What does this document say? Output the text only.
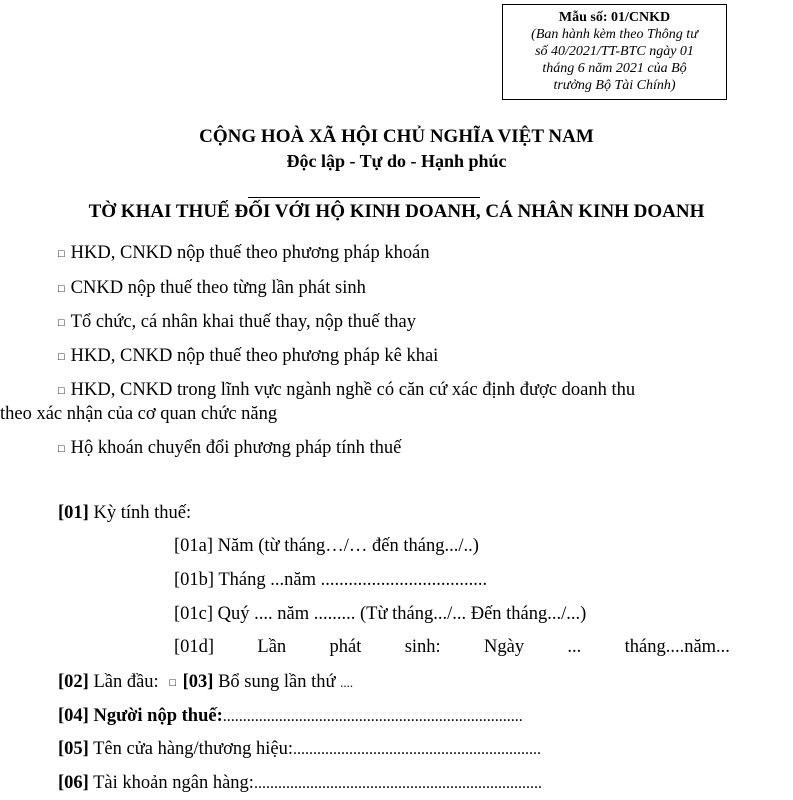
Mẫu số: 01/CNKD
(Ban hành kèm theo Thông tư
số 40/2021/TT-BTC ngày 01
tháng 6 năm 2021 của Bộ
trưởng Bộ Tài Chính)
CỘNG HOÀ XÃ HỘI CHỦ NGHĨA VIỆT NAM
Độc lập - Tự do - Hạnh phúc
TỜ KHAI THUẾ ĐỐI VỚI HỘ KINH DOANH, CÁ NHÂN KINH DOANH
□ HKD, CNKD nộp thuế theo phương pháp khoán
□ CNKD nộp thuế theo từng lần phát sinh
□ Tổ chức, cá nhân khai thuế thay, nộp thuế thay
□ HKD, CNKD nộp thuế theo phương pháp kê khai
□ HKD, CNKD trong lĩnh vực ngành nghề có căn cứ xác định được doanh thu
theo xác nhận của cơ quan chức năng
□ Hộ khoán chuyển đổi phương pháp tính thuế
[01] Kỳ tính thuế:
[01a] Năm (từ tháng…/… đến tháng.../..)
[01b] Tháng ...năm ....................................
[01c] Quý .... năm ......... (Từ tháng.../... Đến tháng.../...)
[01d] Lần phát sinh: Ngày ... tháng....năm...
[02] Lần đầu: □ [03] Bổ sung lần thứ ....
[04] Người nộp thuế:...........................................................................
[05] Tên cửa hàng/thương hiệu:..............................................................
[06] Tài khoản ngân hàng:........................................................................
